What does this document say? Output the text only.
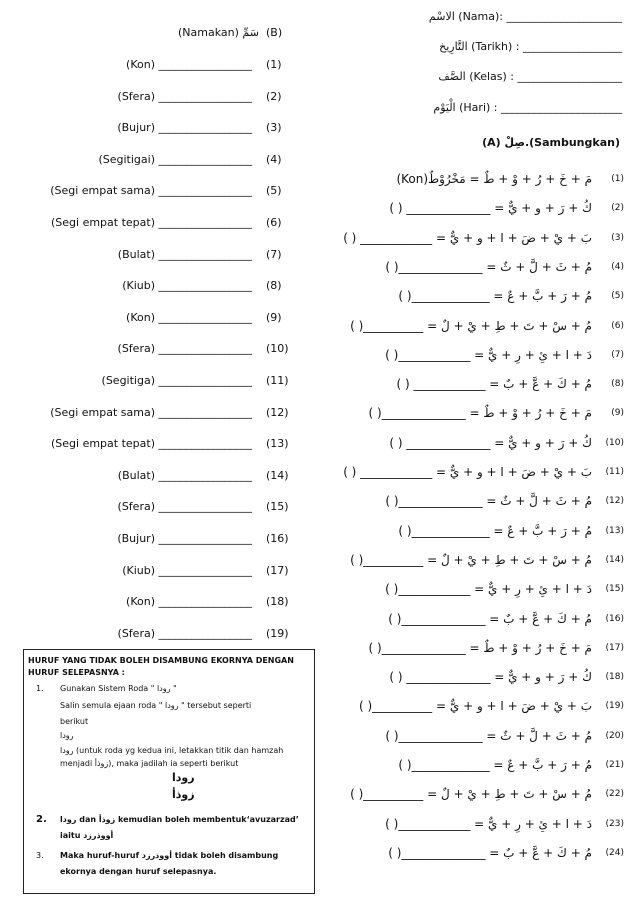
_____________________ :(Nama) الاسْم
__________________ : (Tarikh) التَّارِيخ
___________________ : (Kelas) الصَّف
______________________ : (Hari) الْيَوْم
(Sambungkan).صِلْ (A)
(Namakan) سَمِّ (B)
(Kon) _________________ (1)
(Sfera) _________________ (2)
(Bujur) _________________ (3)
(Segitigai) _________________ (4)
(Segi empat sama) _________________ (5)
(Segi empat tepat) _________________ (6)
(Bulat) _________________ (7)
(Kiub) _________________ (8)
(Kon) _________________ (9)
(Sfera) _________________ (10)
(Segitiga) _________________ (11)
(Segi empat sama) _________________ (12)
(Segi empat tepat) _________________ (13)
(Bulat) _________________ (14)
(Sfera) _________________ (15)
(Bujur) _________________ (16)
(Kiub) _________________ (17)
(Kon) _________________ (18)
(Sfera) _________________ (19)
(1)
مَ + خَ + رُ + وْ + طٌ = مَخْرُوْطٌ(Kon)
(2)
كُ + رَ + و + يٌّ = ______________ ( )
(3)
بَ + يْ + ضَ + ا + و + يٌّ = ____________ ( )
(4)
مُ + ثَ + لَّ + ثٌ = ______________( )
(5)
مُ + رَ + بَّ + عٌ = _____________( )
(6)
مُ + سْ + تَ + طِ + يْ + لٌ = __________( )
(7)
دَ + ا + ئِ + رِ + يٌّ = ____________( )
(8)
مُ + كَ + عَّ + بٌ = ____________ ( )
(9)
مَ + خَ + رُ + وْ + طٌ = ______________( )
(10)
كُ + رَ + و + يٌّ = ______________ ( )
(11)
بَ + يْ + ضَ + ا + و + يٌّ = ____________ ( )
(12)
مُ + ثَ + لَّ + ثٌ = ______________( )
(13)
مُ + رَ + بَّ + عٌ = _____________( )
(14)
مُ + سْ + تَ + طِ + يْ + لٌ = __________( )
(15)
دَ + ا + ئِ + رِ + يٌّ = ____________( )
(16)
مُ + كَ + عَّ + بٌ = ______________( )
(17)
مَ + خَ + رُ + وْ + طٌ = ______________( )
(18)
كُ + رَ + و + يٌّ = ______________ ( )
(19)
بَ + يْ + ضَ + ا + و + يٌّ = __________( )
(20)
مُ + ثَ + لَّ + ثٌ = ______________( )
(21)
مُ + رَ + بَّ + عٌ = _____________( )
(22)
مُ + سْ + تَ + طِ + يْ + لٌ = __________( )
(23)
دَ + ا + ئِ + رِ + يٌّ = ____________( )
(24)
مُ + كَ + عَّ + بٌ = ______________( )
HURUF YANG TIDAK BOLEH DISAMBUNG EKORNYA DENGAN
HURUF SELEPASNYA :
1. Gunakan Sistem Roda " رودا "
Salin semula ejaan roda " رودا " tersebut seperti
berikut
رودا
رودا (untuk roda yg kedua ini, letakkan titik dan hamzah
menjadi زوذأ), maka jadilah ia seperti berikut
رودا
زوذأ
2. رودا dan زوذأ kemudian boleh membentuk‘avuzarzad’
iaitu أووذرزد
3. Maka huruf-huruf أووذرزد tidak boleh disambung
ekornya dengan huruf selepasnya.
